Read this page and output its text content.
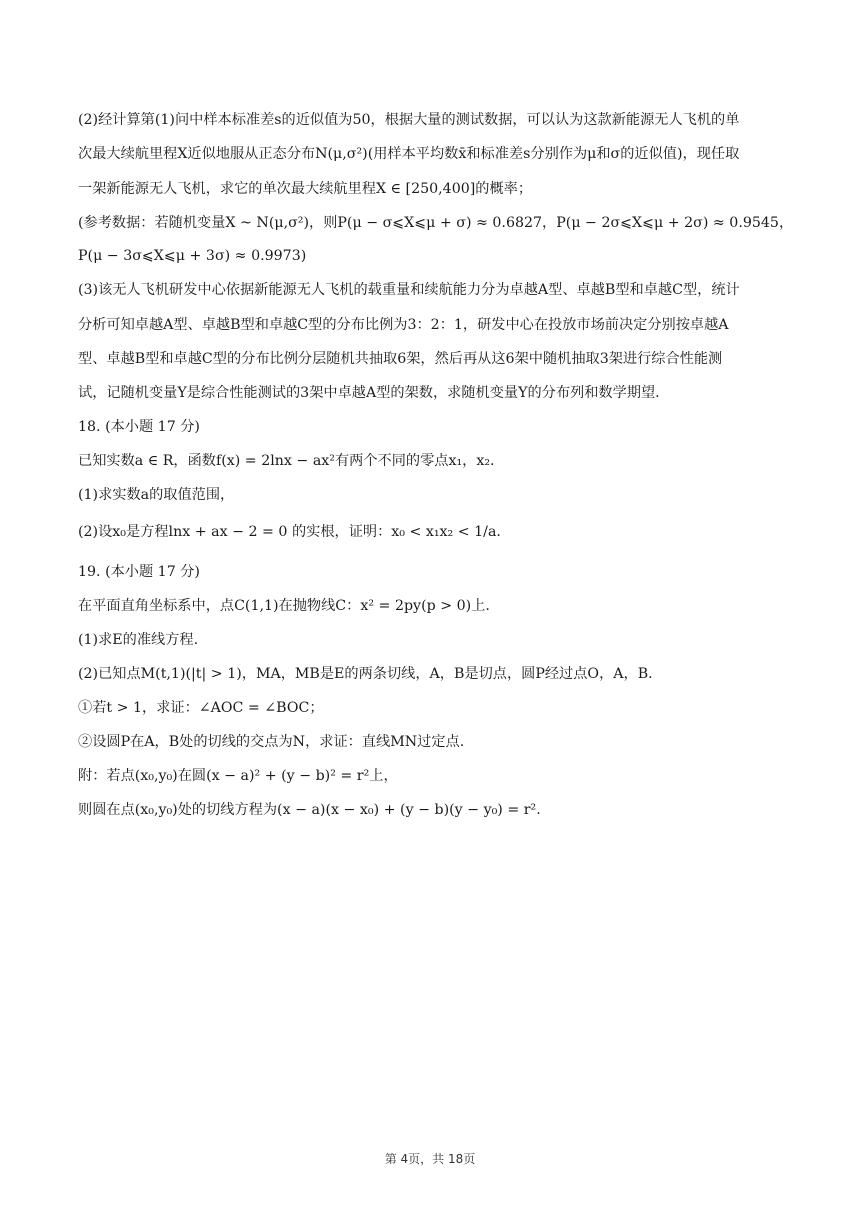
(2)经计算第(1)问中样本标准差s的近似值为50，根据大量的测试数据，可以认为这款新能源无人飞机的单
次最大续航里程X近似地服从正态分布N(μ,σ²)(用样本平均数x̄和标准差s分别作为μ和σ的近似值)，现任取
一架新能源无人飞机，求它的单次最大续航里程X ∈ [250,400]的概率；
(参考数据：若随机变量X ~ N(μ,σ²)，则P(μ − σ⩽X⩽μ + σ) ≈ 0.6827，P(μ − 2σ⩽X⩽μ + 2σ) ≈ 0.9545，
P(μ − 3σ⩽X⩽μ + 3σ) ≈ 0.9973)
(3)该无人飞机研发中心依据新能源无人飞机的载重量和续航能力分为卓越A型、卓越B型和卓越C型，统计
分析可知卓越A型、卓越B型和卓越C型的分布比例为3：2：1，研发中心在投放市场前决定分别按卓越A
型、卓越B型和卓越C型的分布比例分层随机共抽取6架，然后再从这6架中随机抽取3架进行综合性能测
试，记随机变量Y是综合性能测试的3架中卓越A型的架数，求随机变量Y的分布列和数学期望.
18. (本小题 17 分)
已知实数a ∈ R，函数f(x) = 2lnx − ax²有两个不同的零点x₁，x₂.
(1)求实数a的取值范围，
(2)设x₀是方程lnx + ax − 2 = 0 的实根，证明：x₀ < x₁x₂ < 1/a.
19. (本小题 17 分)
在平面直角坐标系中，点C(1,1)在抛物线C：x² = 2py(p > 0)上.
(1)求E的准线方程.
(2)已知点M(t,1)(|t| > 1)，MA，MB是E的两条切线，A，B是切点，圆P经过点O，A，B.
①若t > 1，求证：∠AOC = ∠BOC；
②设圆P在A，B处的切线的交点为N，求证：直线MN过定点.
附：若点(x₀,y₀)在圆(x − a)² + (y − b)² = r²上，
则圆在点(x₀,y₀)处的切线方程为(x − a)(x − x₀) + (y − b)(y − y₀) = r².
第 4页，共 18页
